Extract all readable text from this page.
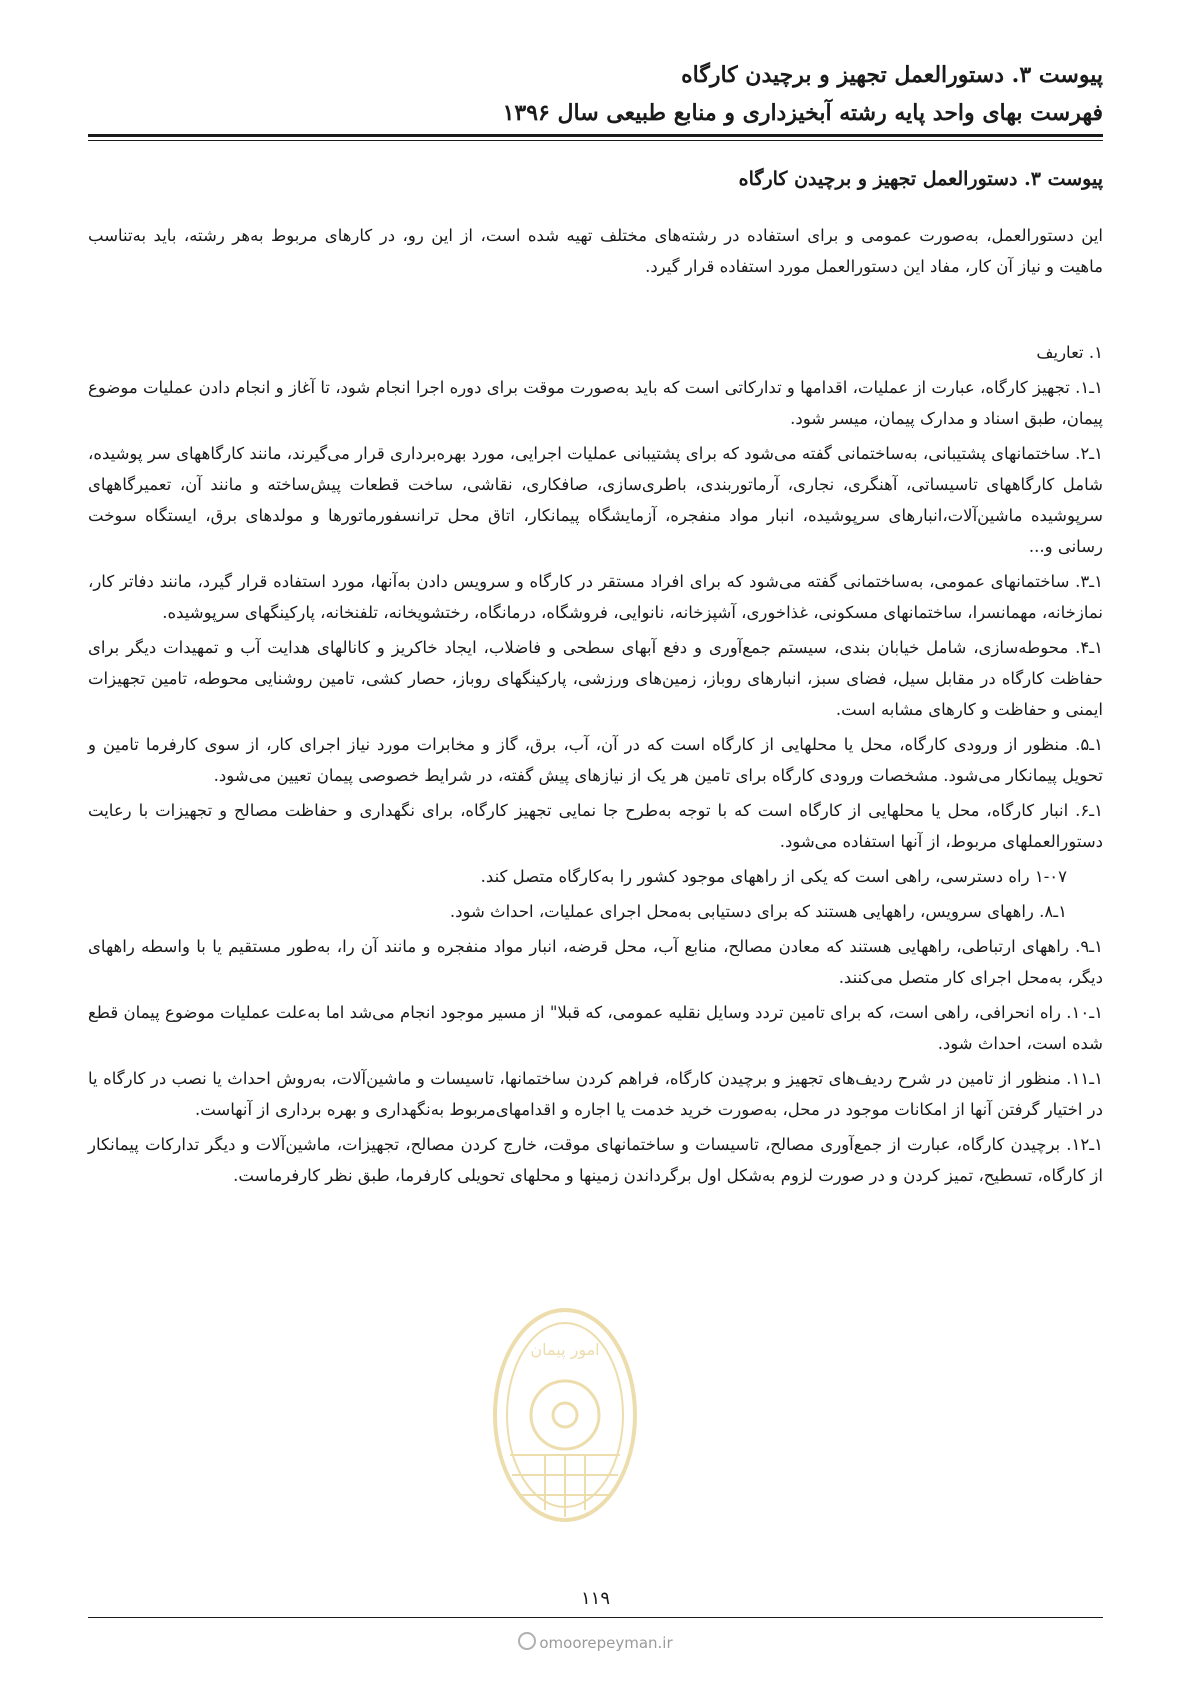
پیوست ۳. دستورالعمل تجهیز و برچیدن کارگاه
فهرست بهای واحد پایه رشته آبخیزداری و منابع طبیعی سال ۱۳۹۶
پیوست ۳. دستورالعمل تجهیز و برچیدن کارگاه

این دستورالعمل، به‌صورت عمومی و برای استفاده در رشته‌های مختلف تهیه شده است، از این رو، در کارهای مربوط به‌هر رشته، باید به‌تناسب ماهیت و نیاز آن کار، مفاد این دستورالعمل مورد استفاده قرار گیرد.

۱. تعاریف

۱ـ۱. تجهیز کارگاه، عبارت از عملیات، اقدامها و تدارکاتی است که باید به‌صورت موقت برای دوره اجرا انجام شود، تا آغاز و انجام دادن عملیات موضوع پیمان، طبق اسناد و مدارک پیمان، میسر شود.

۱ـ۲. ساختمانهای پشتیبانی، به‌ساختمانی گفته می‌شود که برای پشتیبانی عملیات اجرایی، مورد بهره‌برداری قرار می‌گیرند، مانند کارگاههای سر پوشیده، شامل کارگاههای تاسیساتی، آهنگری، نجاری، آرماتوربندی، باطری‌سازی، صافکاری، نقاشی، ساخت قطعات پیش‌ساخته و مانند آن، تعمیرگاههای سرپوشیده ماشین‌آلات،انبارهای سرپوشیده، انبار مواد منفجره، آزمایشگاه پیمانکار، اتاق محل ترانسفورماتورها و مولدهای برق، ایستگاه سوخت رسانی و...

۱ـ۳. ساختمانهای عمومی، به‌ساختمانی گفته می‌شود که برای افراد مستقر در کارگاه و سرویس دادن به‌آنها، مورد استفاده قرار گیرد، مانند دفاتر کار، نمازخانه، مهمانسرا، ساختمانهای مسکونی، غذاخوری، آشپزخانه، نانوایی، فروشگاه، درمانگاه، رختشویخانه، تلفنخانه، پارکینگهای سرپوشیده.

۱ـ۴. محوطه‌سازی، شامل خیابان بندی، سیستم جمع‌آوری و دفع آبهای سطحی و فاضلاب، ایجاد خاکریز و کانالهای هدایت آب و تمهیدات دیگر برای حفاظت کارگاه در مقابل سیل، فضای سبز، انبارهای روباز، زمین‌های ورزشی، پارکینگهای روباز، حصار کشی، تامین روشنایی محوطه، تامین تجهیزات ایمنی و حفاظت و کارهای مشابه است.

۱ـ۵. منظور از ورودی کارگاه، محل یا محلهایی از کارگاه است که در آن، آب، برق، گاز و مخابرات مورد نیاز اجرای کار، از سوی کارفرما تامین و تحویل پیمانکار می‌شود. مشخصات ورودی کارگاه برای تامین هر یک از نیازهای پیش گفته، در شرایط خصوصی پیمان تعیین می‌شود.

۱ـ۶. انبار کارگاه، محل یا محلهایی از کارگاه است که با توجه به‌طرح جا نمایی تجهیز کارگاه، برای نگهداری و حفاظت مصالح و تجهیزات با رعایت دستورالعملهای مربوط، از آنها استفاده می‌شود.

۱-۰۷ راه دسترسی، راهی است که یکی از راههای موجود کشور را به‌کارگاه متصل کند.

۱ـ۸. راههای سرویس، راههایی هستند که برای دستیابی به‌محل اجرای عملیات، احداث شود.

۱ـ۹. راههای ارتباطی، راههایی هستند که معادن مصالح، منابع آب، محل قرضه، انبار مواد منفجره و مانند آن را، به‌طور مستقیم یا با واسطه راههای دیگر، به‌محل اجرای کار متصل می‌کنند.

۱ـ۱۰. راه انحرافی، راهی است، که برای تامین تردد وسایل نقلیه عمومی، که قبلا" از مسیر موجود انجام می‌شد اما به‌علت عملیات موضوع پیمان قطع شده است، احداث شود.

۱ـ۱۱. منظور از تامین در شرح ردیف‌های تجهیز و برچیدن کارگاه، فراهم کردن ساختمانها، تاسیسات و ماشین‌آلات، به‌روش احداث یا نصب در کارگاه یا در اختیار گرفتن آنها از امکانات موجود در محل، به‌صورت خرید خدمت یا اجاره و اقدامهای‌مربوط به‌نگهداری و بهره برداری از آنهاست.

۱ـ۱۲. برچیدن کارگاه، عبارت از جمع‌آوری مصالح، تاسیسات و ساختمانهای موقت، خارج کردن مصالح، تجهیزات، ماشین‌آلات و دیگر تدارکات پیمانکار از کارگاه، تسطیح، تمیز کردن و در صورت لزوم به‌شکل اول برگرداندن زمینها و محلهای تحویلی کارفرما، طبق نظر کارفرماست.

امور پیمان
۱۱۹
omoorepeyman.ir
